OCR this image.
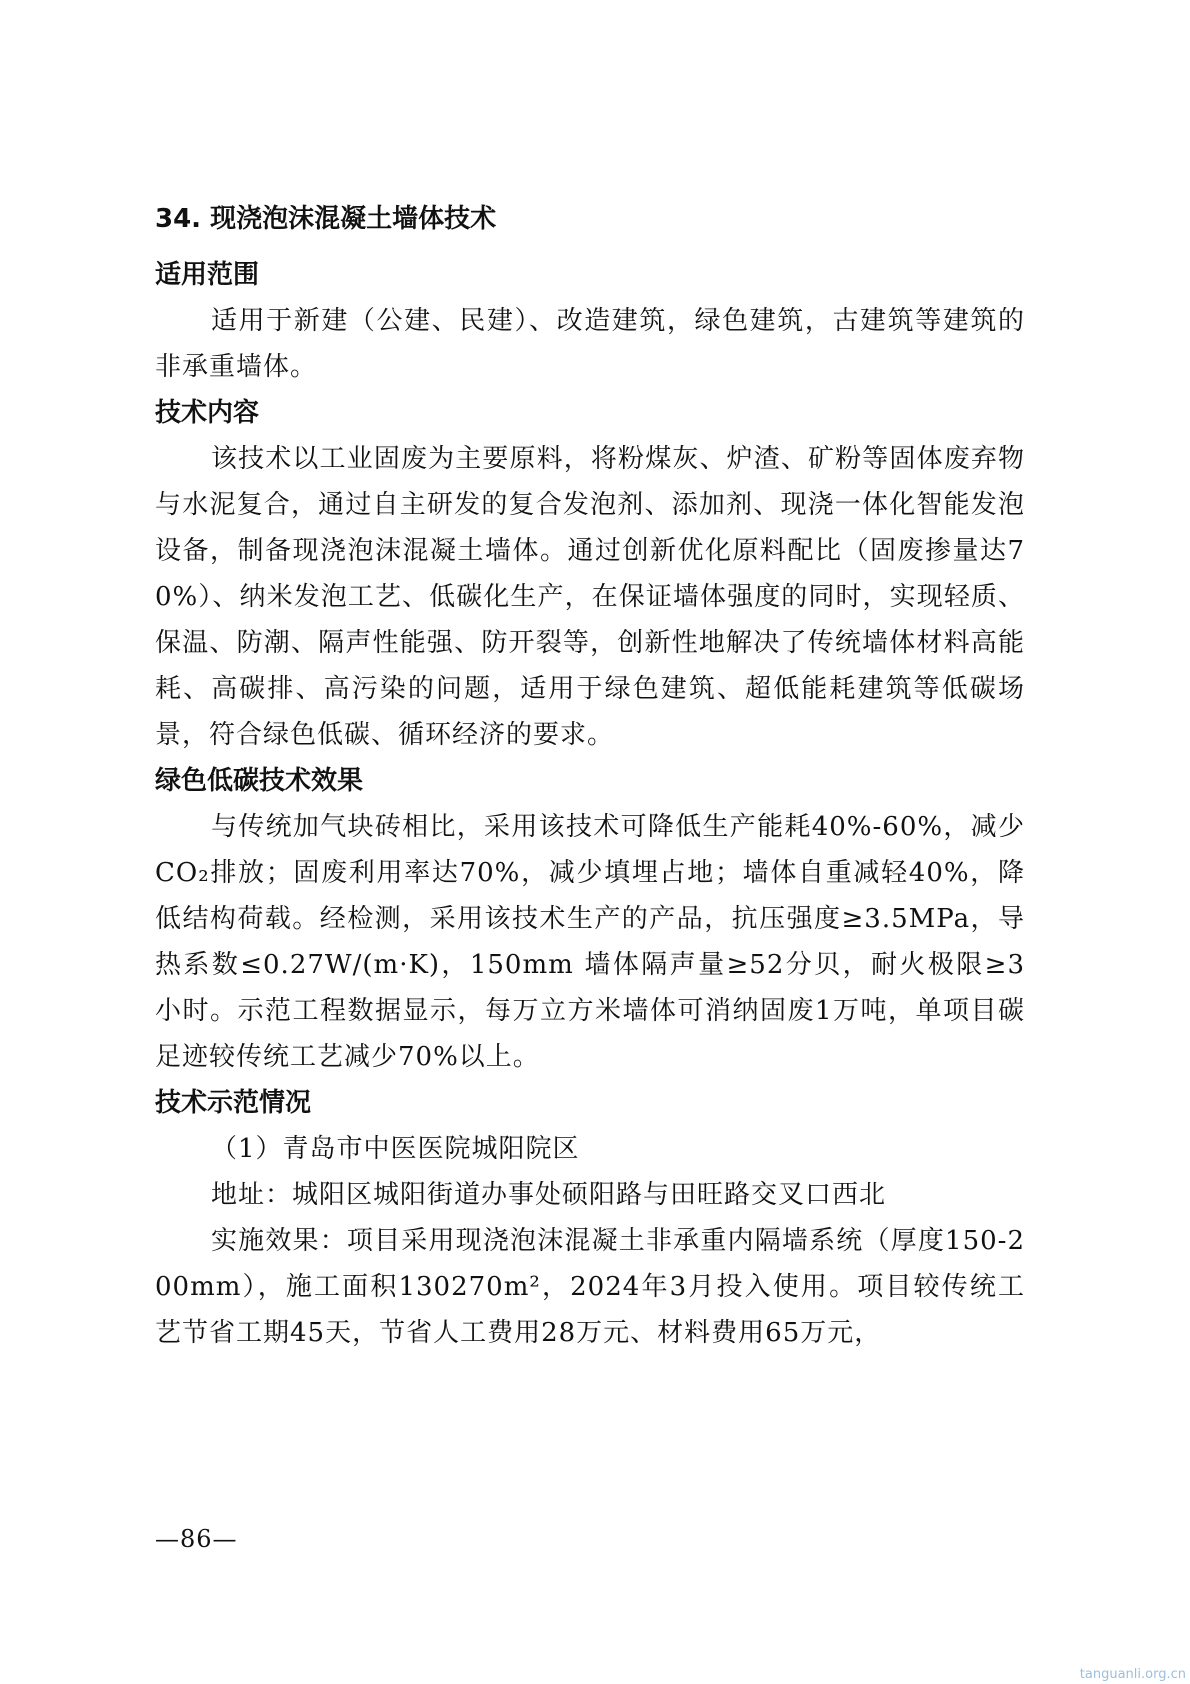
34. 现浇泡沫混凝土墙体技术
适用范围

适用于新建（公建、民建）、改造建筑，绿色建筑，古建筑等建筑的非承重墙体。

技术内容

该技术以工业固废为主要原料，将粉煤灰、炉渣、矿粉等固体废弃物与水泥复合，通过自主研发的复合发泡剂、添加剂、现浇一体化智能发泡设备，制备现浇泡沫混凝土墙体。通过创新优化原料配比（固废掺量达70%）、纳米发泡工艺、低碳化生产，在保证墙体强度的同时，实现轻质、保温、防潮、隔声性能强、防开裂等，创新性地解决了传统墙体材料高能耗、高碳排、高污染的问题，适用于绿色建筑、超低能耗建筑等低碳场景，符合绿色低碳、循环经济的要求。

绿色低碳技术效果

与传统加气块砖相比，采用该技术可降低生产能耗40%-60%，减少 CO₂排放；固废利用率达70%，减少填埋占地；墙体自重减轻40%，降低结构荷载。经检测，采用该技术生产的产品，抗压强度≥3.5MPa，导热系数≤0.27W/(m·K)，150mm 墙体隔声量≥52分贝，耐火极限≥3小时。示范工程数据显示，每万立方米墙体可消纳固废1万吨，单项目碳足迹较传统工艺减少70%以上。

技术示范情况

（1）青岛市中医医院城阳院区

地址：城阳区城阳街道办事处硕阳路与田旺路交叉口西北

实施效果：项目采用现浇泡沫混凝土非承重内隔墙系统（厚度150-200mm），施工面积130270m²，2024年3月投入使用。项目较传统工艺节省工期45天，节省人工费用28万元、材料费用65万元，

—86—
tanguanli.org.cn
